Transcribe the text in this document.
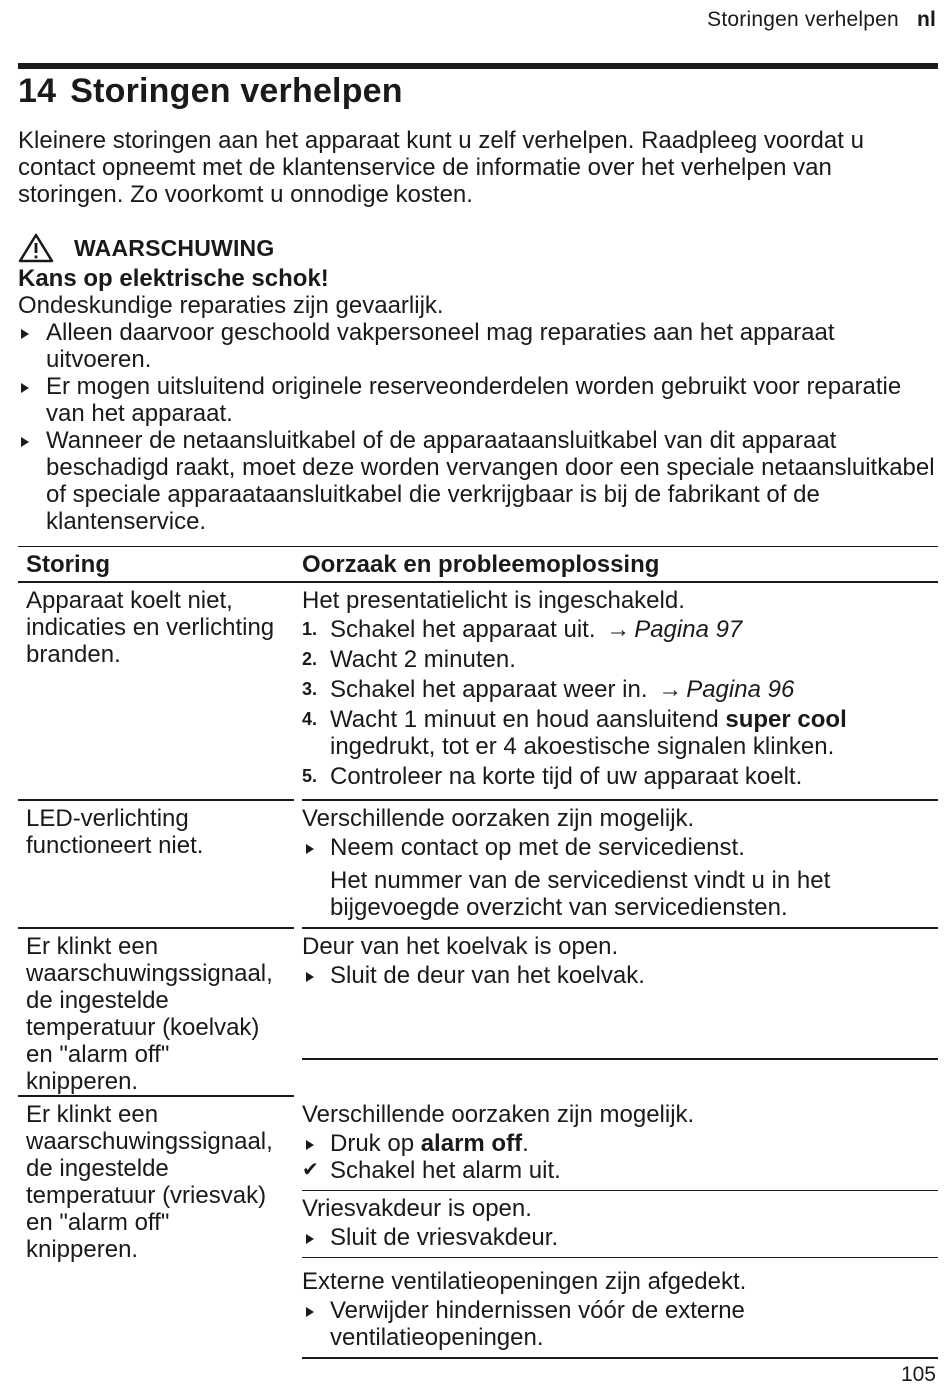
Storingen verhelpen nl
14 Storingen verhelpen

Kleinere storingen aan het apparaat kunt u zelf verhelpen. Raadpleeg voordat u contact opneemt met de klantenservice de informatie over het verhelpen van storingen. Zo voorkomt u onnodige kosten.

WAARSCHUWING
Kans op elektrische schok!
Ondeskundige reparaties zijn gevaarlijk.
Alleen daarvoor geschoold vakpersoneel mag reparaties aan het apparaat uitvoeren.
Er mogen uitsluitend originele reserveonderdelen worden gebruikt voor reparatie van het apparaat.
Wanneer de netaansluitkabel of de apparaataansluitkabel van dit apparaat beschadigd raakt, moet deze worden vervangen door een speciale netaansluitkabel of speciale apparaataansluitkabel die verkrijgbaar is bij de fabrikant of de klantenservice.
Storing	Oorzaak en probleemoplossing
Apparaat koelt niet, indicaties en verlichting branden.
Het presentatielicht is ingeschakeld.
1. Schakel het apparaat uit. → Pagina 97
2. Wacht 2 minuten.
3. Schakel het apparaat weer in. → Pagina 96
4. Wacht 1 minuut en houd aansluitend super cool ingedrukt, tot er 4 akoestische signalen klinken.
5. Controleer na korte tijd of uw apparaat koelt.
LED-verlichting functioneert niet.
Verschillende oorzaken zijn mogelijk.
Neem contact op met de servicedienst.
Het nummer van de servicedienst vindt u in het bijgevoegde overzicht van servicediensten.
Er klinkt een waarschuwingssignaal, de ingestelde temperatuur (koelvak) en "alarm off" knipperen.
Deur van het koelvak is open.
Sluit de deur van het koelvak.
Er klinkt een waarschuwingssignaal, de ingestelde temperatuur (vriesvak) en "alarm off" knipperen.
Verschillende oorzaken zijn mogelijk.
Druk op alarm off.
✔ Schakel het alarm uit.
Vriesvakdeur is open.
Sluit de vriesvakdeur.
Externe ventilatieopeningen zijn afgedekt.
Verwijder hindernissen vóór de externe ventilatieopeningen.
105
